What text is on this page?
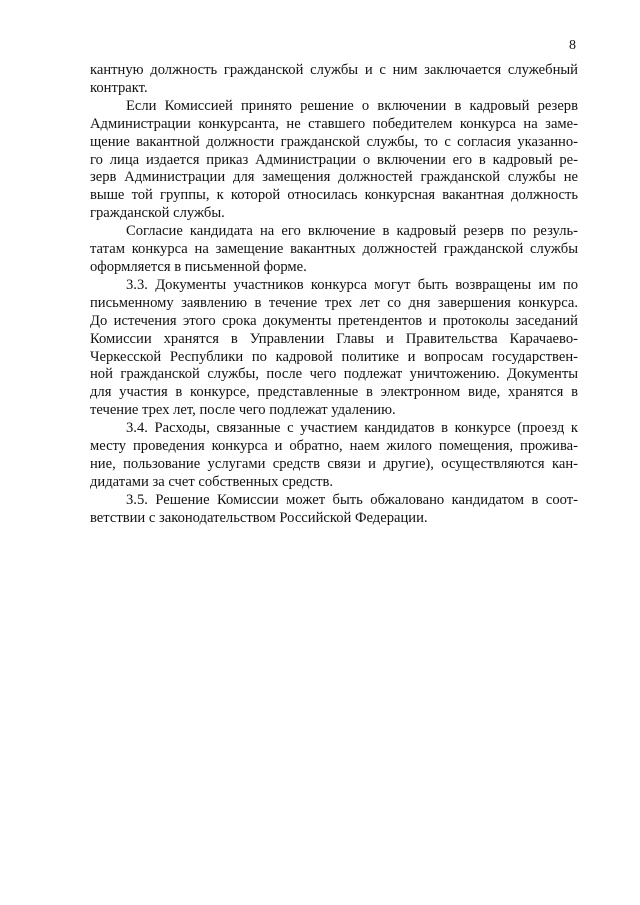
8
кантную должность гражданской службы и с ним заключается служебный
контракт.
Если Комиссией принято решение о включении в кадровый резерв
Администрации конкурсанта, не ставшего победителем конкурса на заме-
щение вакантной должности гражданской службы, то с согласия указанно-
го лица издается приказ Администрации о включении его в кадровый ре-
зерв Администрации для замещения должностей гражданской службы не
выше той группы, к которой относилась конкурсная вакантная должность
гражданской службы.
Согласие кандидата на его включение в кадровый резерв по резуль-
татам конкурса на замещение вакантных должностей гражданской службы
оформляется в письменной форме.
3.3. Документы участников конкурса могут быть возвращены им по
письменному заявлению в течение трех лет со дня завершения конкурса.
До истечения этого срока документы претендентов и протоколы заседаний
Комиссии хранятся в Управлении Главы и Правительства Карачаево-
Черкесской Республики по кадровой политике и вопросам государствен-
ной гражданской службы, после чего подлежат уничтожению. Документы
для участия в конкурсе, представленные в электронном виде, хранятся в
течение трех лет, после чего подлежат удалению.
3.4. Расходы, связанные с участием кандидатов в конкурсе (проезд к
месту проведения конкурса и обратно, наем жилого помещения, прожива-
ние, пользование услугами средств связи и другие), осуществляются кан-
дидатами за счет собственных средств.
3.5. Решение Комиссии может быть обжаловано кандидатом в соот-
ветствии с законодательством Российской Федерации.
